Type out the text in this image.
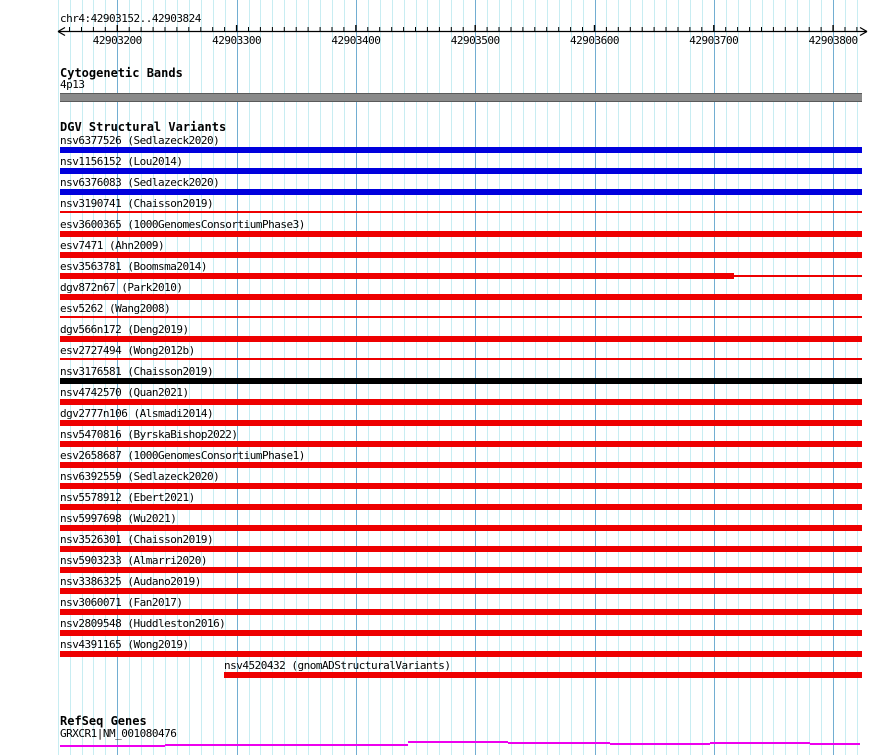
chr4:42903152..42903824
42903200	42903300	42903400	42903500	42903600	42903700	42903800
Cytogenetic Bands
4p13
DGV Structural Variants
nsv6377526 (Sedlazeck2020)
nsv1156152 (Lou2014)
nsv6376083 (Sedlazeck2020)
nsv3190741 (Chaisson2019)
esv3600365 (1000GenomesConsortiumPhase3)
esv7471 (Ahn2009)
esv3563781 (Boomsma2014)
dgv872n67 (Park2010)
esv5262 (Wang2008)
dgv566n172 (Deng2019)
esv2727494 (Wong2012b)
nsv3176581 (Chaisson2019)
nsv4742570 (Quan2021)
dgv2777n106 (Alsmadi2014)
nsv5470816 (ByrskaBishop2022)
esv2658687 (1000GenomesConsortiumPhase1)
nsv6392559 (Sedlazeck2020)
nsv5578912 (Ebert2021)
nsv5997698 (Wu2021)
nsv3526301 (Chaisson2019)
nsv5903233 (Almarri2020)
nsv3386325 (Audano2019)
nsv3060071 (Fan2017)
nsv2809548 (Huddleston2016)
nsv4391165 (Wong2019)
nsv4520432 (gnomADStructuralVariants)
RefSeq Genes
GRXCR1|NM_001080476
